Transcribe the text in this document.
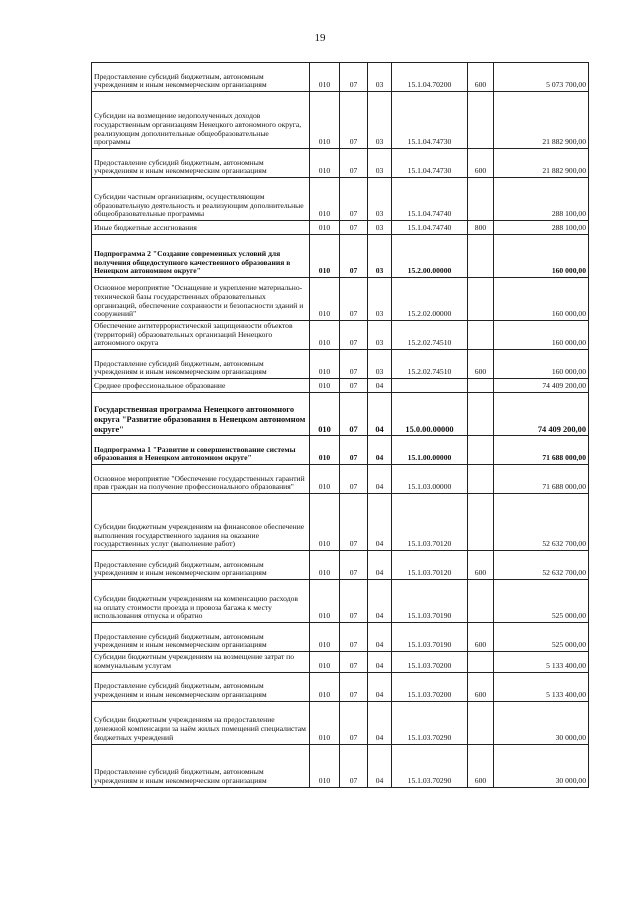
19
Предоставление субсидий бюджетным, автономным учреждениям и иным некоммерческим организациям	010	07	03	15.1.04.70200	600	5 073 700,00
Субсидии на возмещение недополученных доходов государственным организациям Ненецкого автономного округа, реализующим дополнительные общеобразовательные программы	010	07	03	15.1.04.74730		21 882 900,00
Предоставление субсидий бюджетным, автономным учреждениям и иным некоммерческим организациям	010	07	03	15.1.04.74730	600	21 882 900,00
Субсидии частным организациям, осуществляющим образовательную деятельность и реализующим дополнительные общеобразовательные программы	010	07	03	15.1.04.74740		288 100,00
Иные бюджетные ассигнования	010	07	03	15.1.04.74740	800	288 100,00
Подпрограмма 2 "Создание современных условий для получения общедоступного качественного образования в Ненецком автономном округе"	010	07	03	15.2.00.00000		160 000,00
Основное мероприятие "Оснащение и укрепление материально-технической базы государственных образовательных организаций, обеспечение сохранности и безопасности зданий и сооружений"	010	07	03	15.2.02.00000		160 000,00
Обеспечение антитеррористической защищенности объектов (территорий) образовательных организаций Ненецкого автономного округа	010	07	03	15.2.02.74510		160 000,00
Предоставление субсидий бюджетным, автономным учреждениям и иным некоммерческим организациям	010	07	03	15.2.02.74510	600	160 000,00
Среднее профессиональное образование	010	07	04			74 409 200,00
Государственная программа Ненецкого автономного округа "Развитие образования в Ненецком автономном округе"	010	07	04	15.0.00.00000		74 409 200,00
Подпрограмма 1 "Развитие и совершенствование системы образования в Ненецком автономном округе"	010	07	04	15.1.00.00000		71 688 000,00
Основное мероприятие "Обеспечение государственных гарантий прав граждан на получение профессионального образования"	010	07	04	15.1.03.00000		71 688 000,00
Субсидии бюджетным учреждениям на финансовое обеспечение выполнения государственного задания на оказание государственных услуг (выполнение работ)	010	07	04	15.1.03.70120		52 632 700,00
Предоставление субсидий бюджетным, автономным учреждениям и иным некоммерческим организациям	010	07	04	15.1.03.70120	600	52 632 700,00
Субсидии бюджетным учреждениям на компенсацию расходов на оплату стоимости проезда и провоза багажа к месту использования отпуска и обратно	010	07	04	15.1.03.70190		525 000,00
Предоставление субсидий бюджетным, автономным учреждениям и иным некоммерческим организациям	010	07	04	15.1.03.70190	600	525 000,00
Субсидии бюджетным учреждениям на возмещение затрат по коммунальным услугам	010	07	04	15.1.03.70200		5 133 400,00
Предоставление субсидий бюджетным, автономным учреждениям и иным некоммерческим организациям	010	07	04	15.1.03.70200	600	5 133 400,00
Субсидии бюджетным учреждениям на предоставление денежной компенсации за наём жилых помещений специалистам бюджетных учреждений	010	07	04	15.1.03.70290		30 000,00
Предоставление субсидий бюджетным, автономным учреждениям и иным некоммерческим организациям	010	07	04	15.1.03.70290	600	30 000,00
